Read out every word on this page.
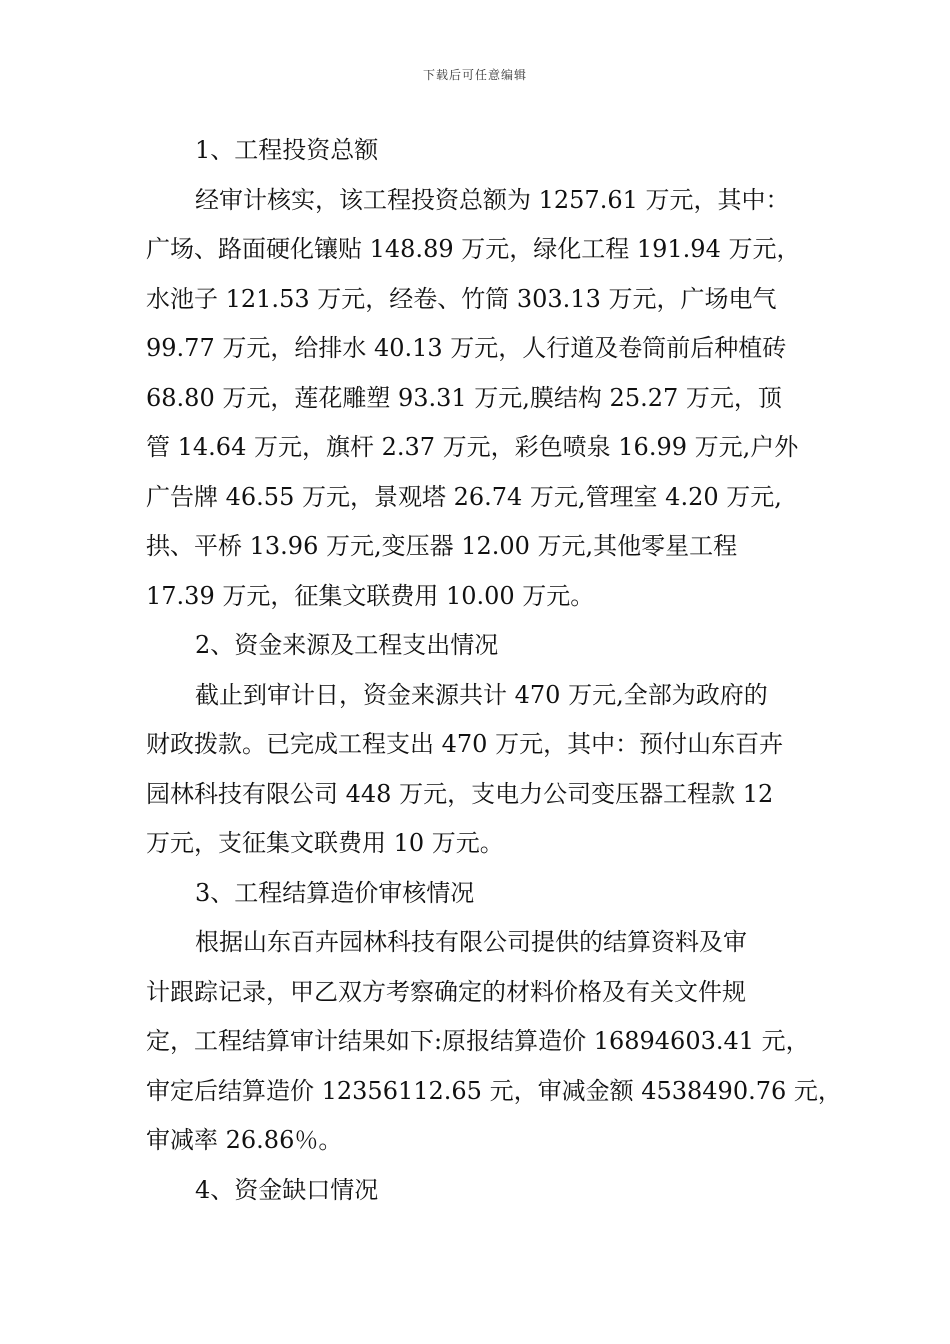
下载后可任意编辑
1、工程投资总额
经审计核实，该工程投资总额为 1257.61 万元，其中：
广场、路面硬化镶贴 148.89 万元，绿化工程 191.94 万元，
水池子 121.53 万元，经卷、竹筒 303.13 万元，广场电气
99.77 万元，给排水 40.13 万元，人行道及卷筒前后种植砖
68.80 万元，莲花雕塑 93.31 万元,膜结构 25.27 万元，顶
管 14.64 万元，旗杆 2.37 万元，彩色喷泉 16.99 万元,户外
广告牌 46.55 万元，景观塔 26.74 万元,管理室 4.20 万元,
拱、平桥 13.96 万元,变压器 12.00 万元,其他零星工程
17.39 万元，征集文联费用 10.00 万元。
2、资金来源及工程支出情况
截止到审计日，资金来源共计 470 万元,全部为政府的
财政拨款。已完成工程支出 470 万元，其中：预付山东百卉
园林科技有限公司 448 万元，支电力公司变压器工程款 12
万元，支征集文联费用 10 万元。
3、工程结算造价审核情况
根据山东百卉园林科技有限公司提供的结算资料及审
计跟踪记录，甲乙双方考察确定的材料价格及有关文件规
定，工程结算审计结果如下:原报结算造价 16894603.41 元，
审定后结算造价 12356112.65 元，审减金额 4538490.76 元，
审减率 26.86％。
4、资金缺口情况
